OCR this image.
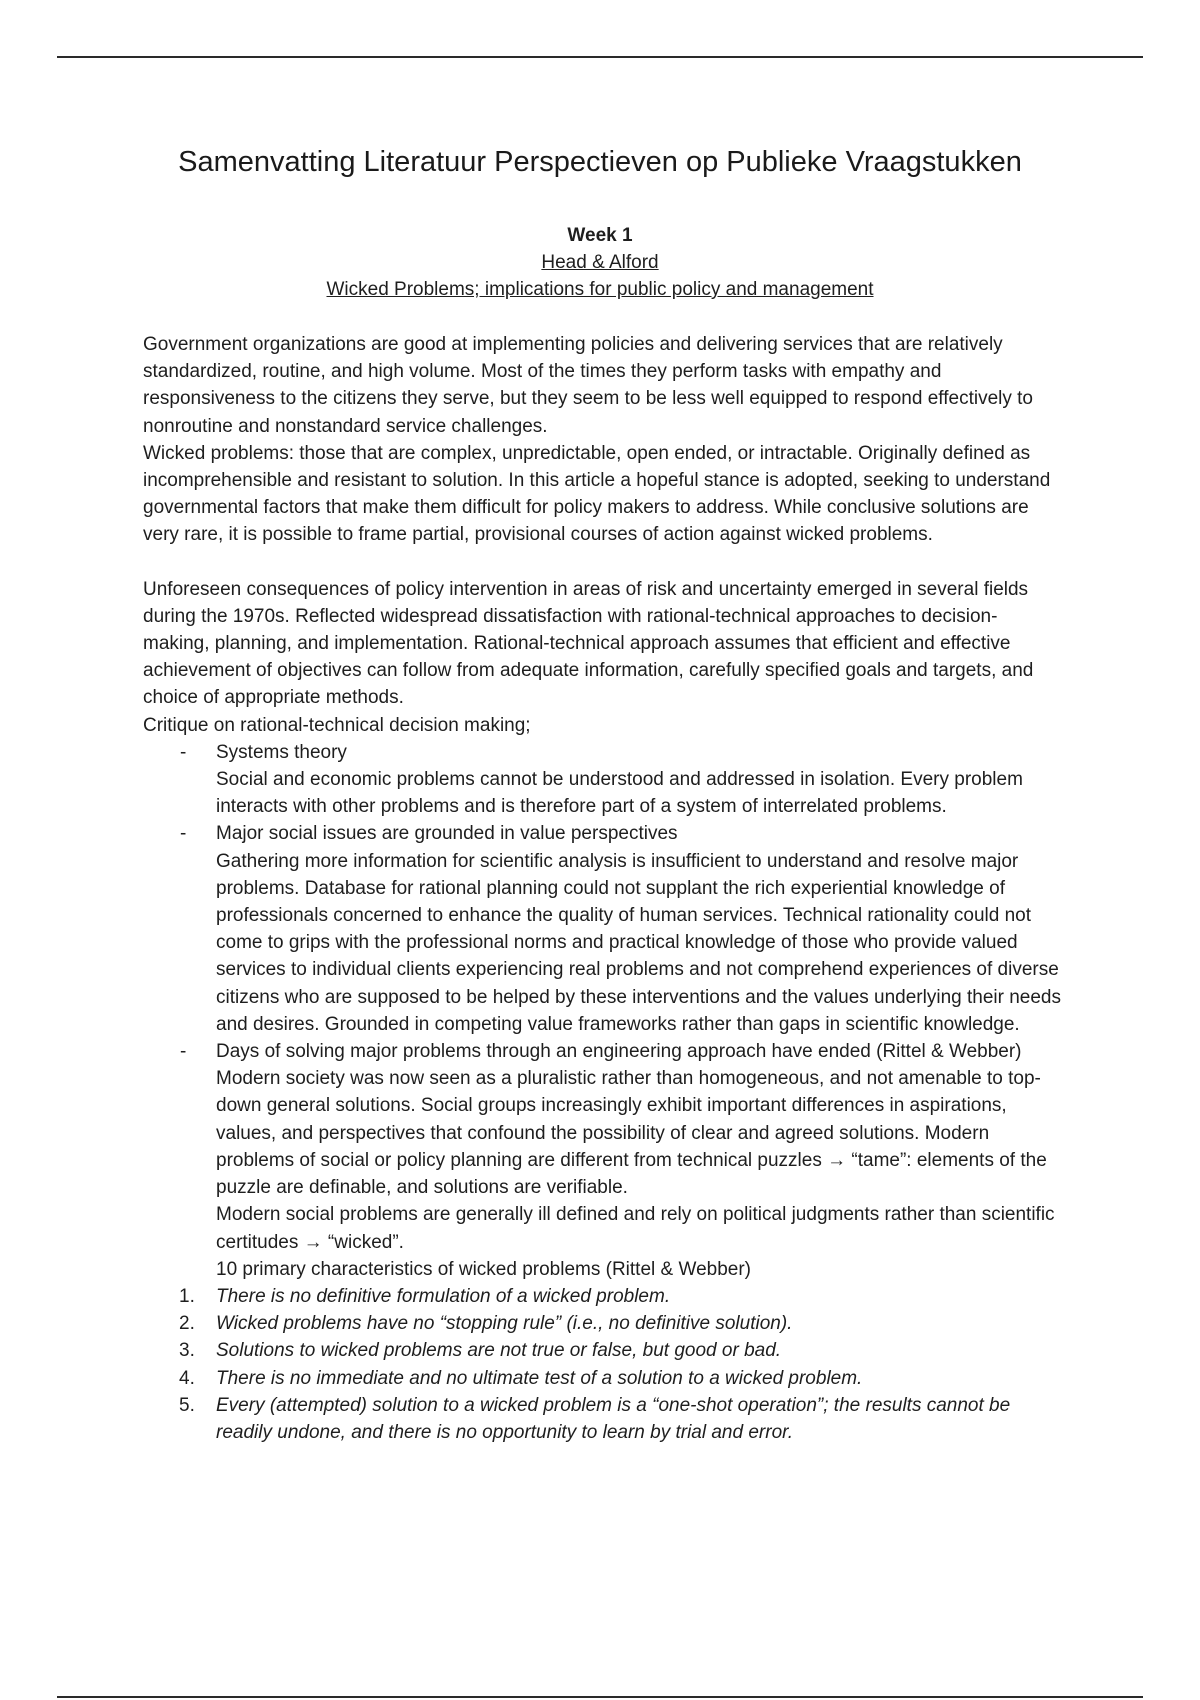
Samenvatting Literatuur Perspectieven op Publieke Vraagstukken
Week 1
Head & Alford
Wicked Problems; implications for public policy and management

Government organizations are good at implementing policies and delivering services that are relatively standardized, routine, and high volume. Most of the times they perform tasks with empathy and responsiveness to the citizens they serve, but they seem to be less well equipped to respond effectively to nonroutine and nonstandard service challenges.

Wicked problems: those that are complex, unpredictable, open ended, or intractable. Originally defined as incomprehensible and resistant to solution. In this article a hopeful stance is adopted, seeking to understand governmental factors that make them difficult for policy makers to address. While conclusive solutions are very rare, it is possible to frame partial, provisional courses of action against wicked problems.

Unforeseen consequences of policy intervention in areas of risk and uncertainty emerged in several fields during the 1970s. Reflected widespread dissatisfaction with rational-technical approaches to decision-making, planning, and implementation. Rational-technical approach assumes that efficient and effective achievement of objectives can follow from adequate information, carefully specified goals and targets, and choice of appropriate methods.

Critique on rational-technical decision making;

- Systems theory
Social and economic problems cannot be understood and addressed in isolation. Every problem interacts with other problems and is therefore part of a system of interrelated problems.
- Major social issues are grounded in value perspectives
Gathering more information for scientific analysis is insufficient to understand and resolve major problems. Database for rational planning could not supplant the rich experiential knowledge of professionals concerned to enhance the quality of human services. Technical rationality could not come to grips with the professional norms and practical knowledge of those who provide valued services to individual clients experiencing real problems and not comprehend experiences of diverse citizens who are supposed to be helped by these interventions and the values underlying their needs and desires. Grounded in competing value frameworks rather than gaps in scientific knowledge.
- Days of solving major problems through an engineering approach have ended (Rittel & Webber)
Modern society was now seen as a pluralistic rather than homogeneous, and not amenable to top-down general solutions. Social groups increasingly exhibit important differences in aspirations, values, and perspectives that confound the possibility of clear and agreed solutions. Modern problems of social or policy planning are different from technical puzzles → “tame”: elements of the puzzle are definable, and solutions are verifiable.
Modern social problems are generally ill defined and rely on political judgments rather than scientific certitudes → “wicked”.
10 primary characteristics of wicked problems (Rittel & Webber)
1. There is no definitive formulation of a wicked problem.
2. Wicked problems have no “stopping rule” (i.e., no definitive solution).
3. Solutions to wicked problems are not true or false, but good or bad.
4. There is no immediate and no ultimate test of a solution to a wicked problem.
5. Every (attempted) solution to a wicked problem is a “one-shot operation”; the results cannot be readily undone, and there is no opportunity to learn by trial and error.
